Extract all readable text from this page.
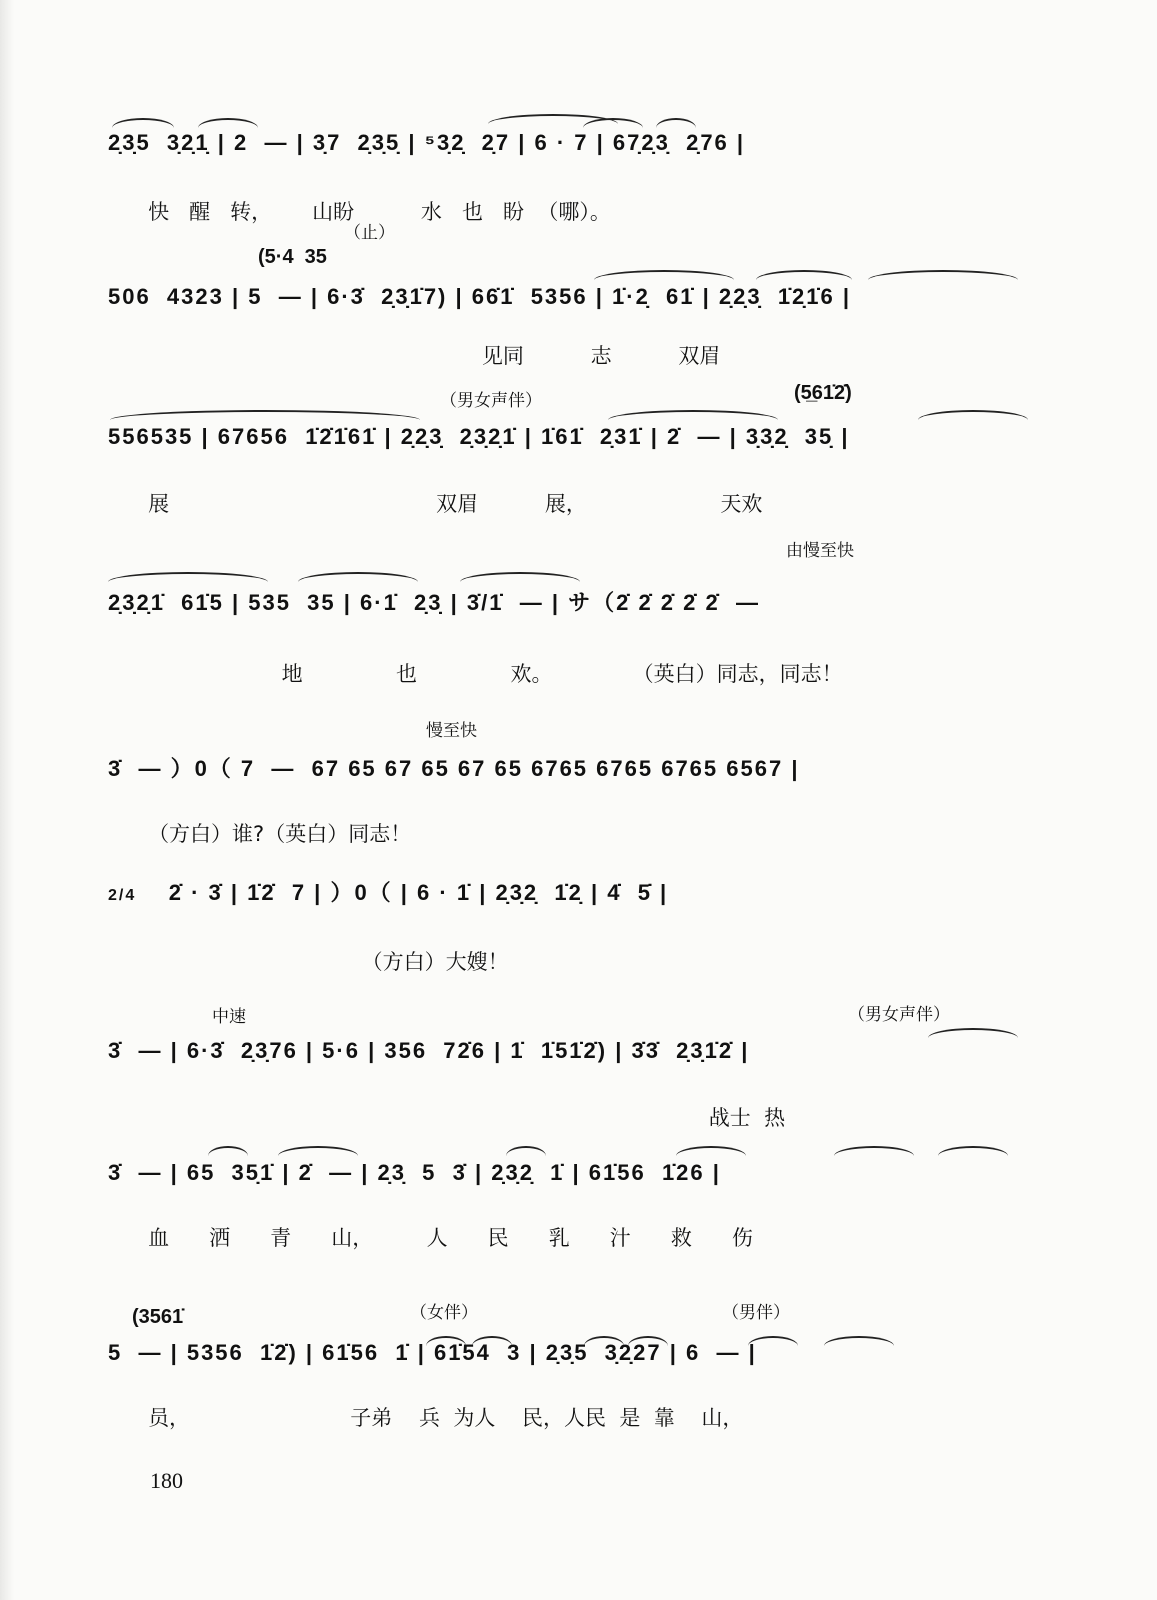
2̣3̣5  3̣2̣1̣ | 2  — | 3̣7  2̣3̣5̣ | ⁵3̣2̣  2̣7 | 6 · 7 | 67̣2̣3̣  2̣76 |

快   醒   转，      山盼          水   也   盼  （哪）。

（止）
(5·4  35
506  4323 | 5  — | 6·3̇  2̣3̣1̇7) | 66̇1̇  5356 | 1̇·2̣  61̇ | 2̣2̣3̣  1̇2̣1̇6 |

见同          志          双眉

（男女声伴）	(5̲61̇2̇)
556535 | 67656  1̇2̇1̇61̇ | 2̣2̣3̣  2̣3̣2̣1̇ | 1̇61̇  2̣31̇ | 2̇  — | 3̣3̣2̣  35̣ |

展                                        双眉          展，                    天欢

由慢至快
2̣3̣2̣1̇  61̇5 | 535  35 | 6·1̇  2̣3̣ | 3̇/1̇  — | サ（2̇ 2̇ 2̇ 2̇ 2̇  —

地              也              欢。            （英白）同志，同志！

慢至快
3̇  — ）0（ 7  —  67 65 67 65 67 65 6765 6765 6765 6567 |

（方白）谁?（英白）同志！

2/4 2̇ · 3̇ | 1̇2̇  7 | ）0（ | 6 · 1̇ | 2̣3̣2̣  1̇2̣ | 4̇  5̇ |

（方白）大嫂！

中速	（男女声伴）
3̇  — | 6·3̇  2̣3̣76 | 5·6 | 356  72̇6 | 1̇  1̇51̇2̇) | 3̇3̇  2̣3̣1̇2̇ |

战士  热

3̇  — | 65  35̣1̇ | 2̇  — | 2̣3̣  5  3̇ | 2̣3̣2̣  1̇ | 61̇56  1̇26 |

血      洒      青      山，        人      民      乳      汁      救      伤

（女伴）	（男伴）
(3561̇
5  — | 5356  1̇2̇) | 61̇56  1̇ | 61̇54  3 | 2̣3̣5  3̣2̣27 | 6  — |

员，                        子弟    兵  为人    民，人民  是  靠    山，

180
